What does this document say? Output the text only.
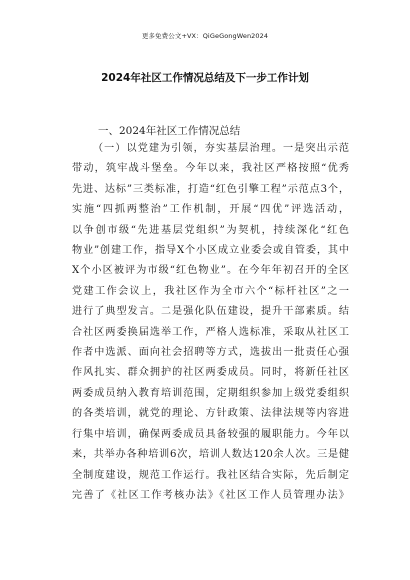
更多免费公文+VX：QiGeGongWen2024
2024年社区工作情况总结及下一步工作计划
一、2024年社区工作情况总结
（一）以党建为引领，夯实基层治理。一是突出示范
带动，筑牢战斗堡垒。今年以来，我社区严格按照“优秀
先进、达标”三类标准，打造“红色引擎工程”示范点3个，
实施“四抓两整治”工作机制，开展“四优”评选活动，
以争创市级“先进基层党组织”为契机，持续深化“红色
物业”创建工作，指导X个小区成立业委会或自管委，其中
X个小区被评为市级“红色物业”。在今年年初召开的全区
党建工作会议上，我社区作为全市六个“标杆社区”之一
进行了典型发言。二是强化队伍建设，提升干部素质。结
合社区两委换届选举工作，严格人选标准，采取从社区工
作者中选派、面向社会招聘等方式，选拔出一批责任心强
作风扎实、群众拥护的社区两委成员。同时，将新任社区
两委成员纳入教育培训范围，定期组织参加上级党委组织
的各类培训，就党的理论、方针政策、法律法规等内容进
行集中培训，确保两委成员具备较强的履职能力。今年以
来，共举办各种培训6次，培训人数达120余人次。三是健
全制度建设，规范工作运行。我社区结合实际，先后制定
完善了《社区工作考核办法》《社区工作人员管理办法》
